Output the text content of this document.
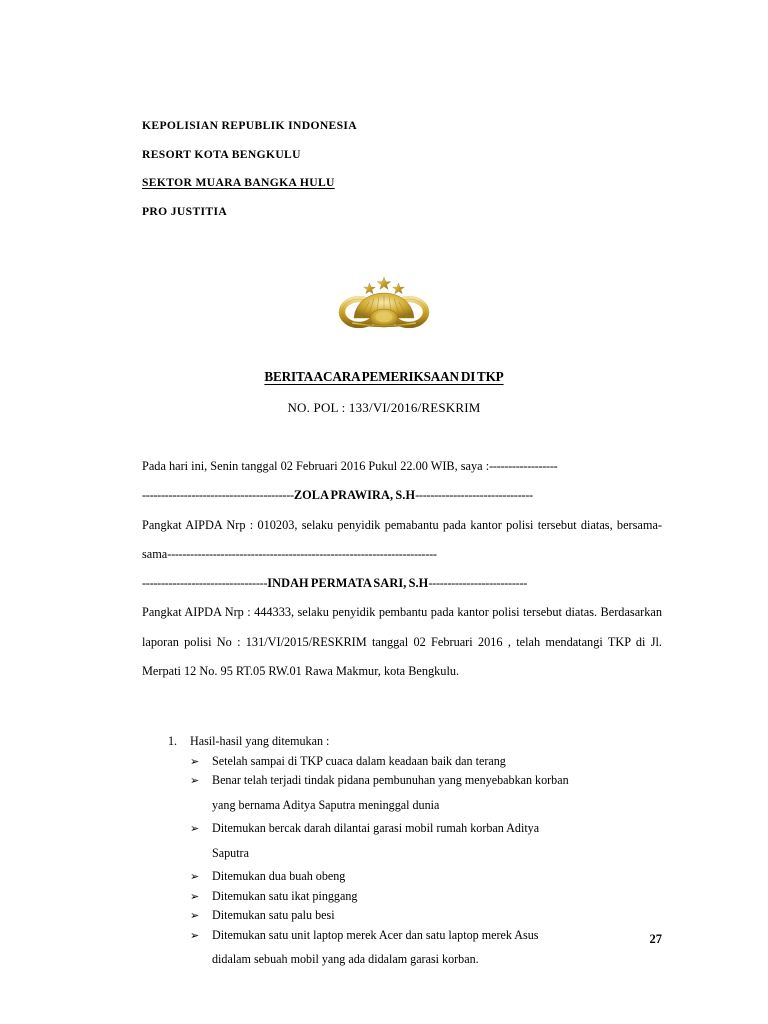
KEPOLISIAN REPUBLIK INDONESIA
RESORT KOTA BENGKULU
SEKTOR MUARA BANGKA HULU
PRO JUSTITIA
BERITA ACARA PEMERIKSAAN DI TKP
NO. POL : 133/VI/2016/RESKRIM
Pada hari ini, Senin tanggal 02 Februari 2016 Pukul 22.00 WIB, saya :------------------
----------------------------------------ZOLA PRAWIRA, S.H-------------------------------
Pangkat AIPDA Nrp : 010203, selaku penyidik pemabantu pada kantor polisi tersebut diatas, bersama-sama-----------------------------------------------------------------------
---------------------------------INDAH PERMATA SARI, S.H--------------------------
Pangkat AIPDA Nrp : 444333, selaku penyidik pembantu pada kantor polisi tersebut diatas. Berdasarkan laporan polisi No : 131/VI/2015/RESKRIM tanggal 02 Februari 2016 , telah mendatangi TKP di Jl. Merpati 12 No. 95 RT.05 RW.01 Rawa Makmur, kota Bengkulu.
1. Hasil-hasil yang ditemukan :
➢ Setelah sampai di TKP cuaca dalam keadaan baik dan terang
➢ Benar telah terjadi tindak pidana pembunuhan yang menyebabkan korban
yang bernama Aditya Saputra meninggal dunia
➢ Ditemukan bercak darah dilantai garasi mobil rumah korban Aditya
Saputra
➢ Ditemukan dua buah obeng
➢ Ditemukan satu ikat pinggang
➢ Ditemukan satu palu besi
➢ Ditemukan satu unit laptop merek Acer dan satu laptop merek Asus
didalam sebuah mobil yang ada didalam garasi korban.
27
